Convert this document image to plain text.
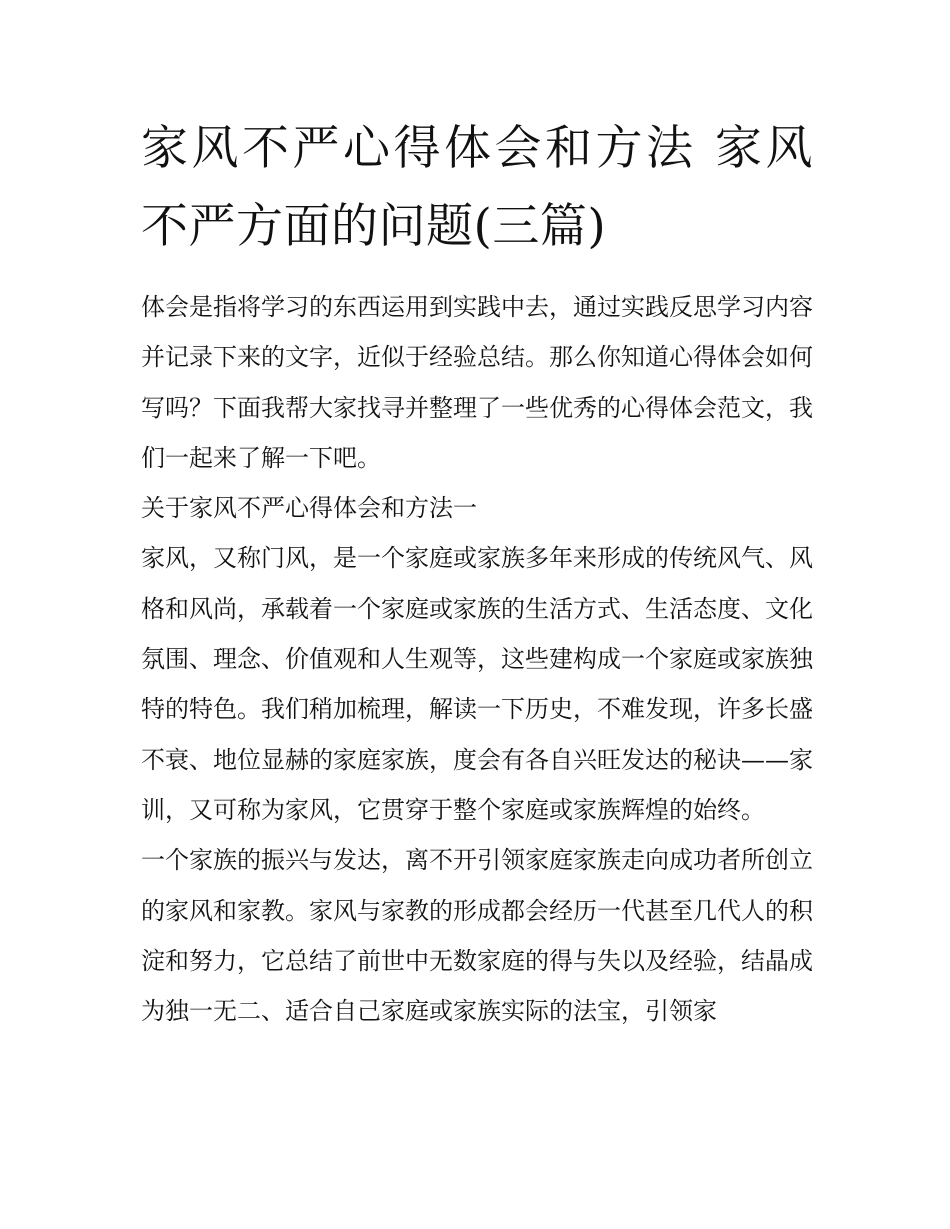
家风不严心得体会和方法 家风不严方面的问题(三篇)

体会是指将学习的东西运用到实践中去，通过实践反思学习内容并记录下来的文字，近似于经验总结。那么你知道心得体会如何写吗？下面我帮大家找寻并整理了一些优秀的心得体会范文，我们一起来了解一下吧。

关于家风不严心得体会和方法一

家风，又称门风，是一个家庭或家族多年来形成的传统风气、风格和风尚，承载着一个家庭或家族的生活方式、生活态度、文化氛围、理念、价值观和人生观等，这些建构成一个家庭或家族独特的特色。我们稍加梳理，解读一下历史，不难发现，许多长盛不衰、地位显赫的家庭家族，度会有各自兴旺发达的秘诀——家训，又可称为家风，它贯穿于整个家庭或家族辉煌的始终。

一个家族的振兴与发达，离不开引领家庭家族走向成功者所创立的家风和家教。家风与家教的形成都会经历一代甚至几代人的积淀和努力，它总结了前世中无数家庭的得与失以及经验，结晶成为独一无二、适合自己家庭或家族实际的法宝，引领家
